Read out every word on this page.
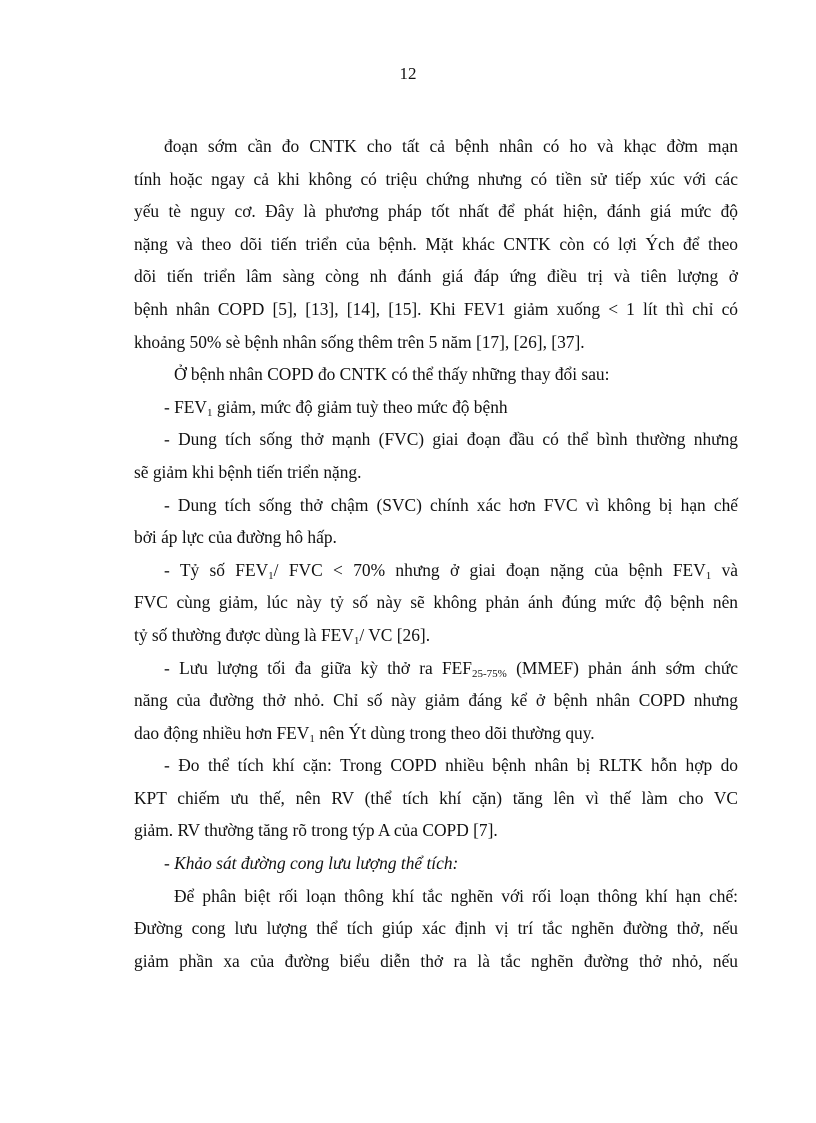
12
đoạn sớm cần đo CNTK cho tất cả bệnh nhân có ho và khạc đờm mạn
tính hoặc ngay cả khi không có triệu chứng nhưng có tiền sử tiếp xúc với các
yếu tè nguy cơ. Đây là phương pháp tốt nhất để phát hiện, đánh giá mức độ
nặng và theo dõi tiến triển của bệnh. Mặt khác CNTK còn có lợi Ých để theo
dõi tiến triển lâm sàng còng nh đánh giá đáp ứng điều trị và tiên lượng ở
bệnh nhân COPD [5], [13], [14], [15]. Khi FEV1 giảm xuống < 1 lít thì chỉ có
khoảng 50% sè bệnh nhân sống thêm trên 5 năm [17], [26], [37].
Ở bệnh nhân COPD đo CNTK có thể thấy những thay đổi sau:
- $FEV_1$ giảm, mức độ giảm tuỳ theo mức độ bệnh
- Dung tích sống thở mạnh (FVC) giai đoạn đầu có thể bình thường nhưng
sẽ giảm khi bệnh tiến triển nặng.
- Dung tích sống thở chậm (SVC) chính xác hơn FVC vì không bị hạn chế
bởi áp lực của đường hô hấp.
- Tỷ số $FEV_1/$ FVC < 70% nhưng ở giai đoạn nặng của bệnh $FEV_1$ và
FVC cùng giảm, lúc này tỷ số này sẽ không phản ánh đúng mức độ bệnh nên
tỷ số thường được dùng là $FEV_1/$ VC [26].
- Lưu lượng tối đa giữa kỳ thở ra $FEF_{25-75\%}$ (MMEF) phản ánh sớm chức
năng của đường thở nhỏ. Chỉ số này giảm đáng kể ở bệnh nhân COPD nhưng
dao động nhiều hơn $FEV_1$ nên Ýt dùng trong theo dõi thường quy.
- Đo thể tích khí cặn: Trong COPD nhiều bệnh nhân bị RLTK hỗn hợp do
KPT chiếm ưu thế, nên RV (thể tích khí cặn) tăng lên vì thế làm cho VC
giảm. RV thường tăng rõ trong týp A của COPD [7].
- Khảo sát đường cong lưu lượng thể tích:
Để phân biệt rối loạn thông khí tắc nghẽn với rối loạn thông khí hạn chế:
Đường cong lưu lượng thể tích giúp xác định vị trí tắc nghẽn đường thở, nếu
giảm phần xa của đường biểu diễn thở ra là tắc nghẽn đường thở nhỏ, nếu
